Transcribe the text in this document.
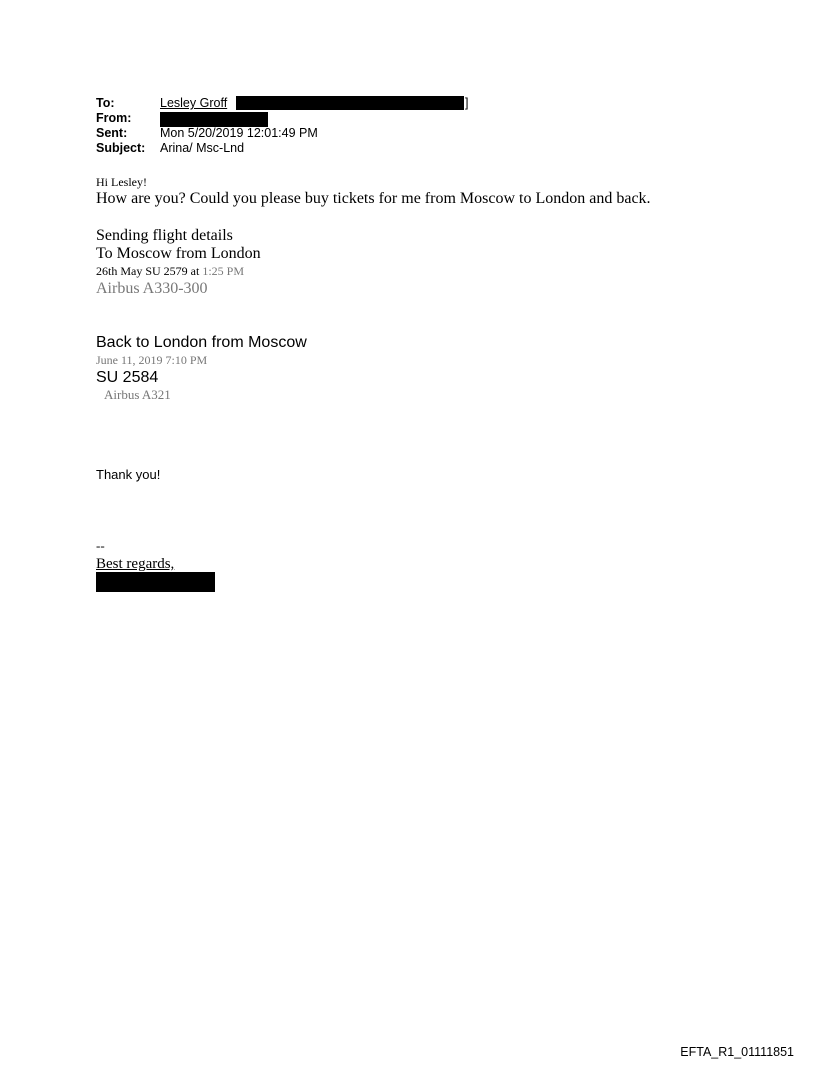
To:	Lesley Groff	]
From:
Sent:	Mon 5/20/2019 12:01:49 PM
Subject: Arina/ Msc-Lnd
Hi Lesley!
How are you? Could you please buy tickets for me from Moscow to London and back.
Sending flight details
To Moscow from London
26th May SU 2579 at 1:25 PM
Airbus A330-300
Back to London from Moscow
June 11, 2019 7:10 PM
SU 2584
Airbus A321
Thank you!
--
Best regards,
EFTA_R1_01111851
